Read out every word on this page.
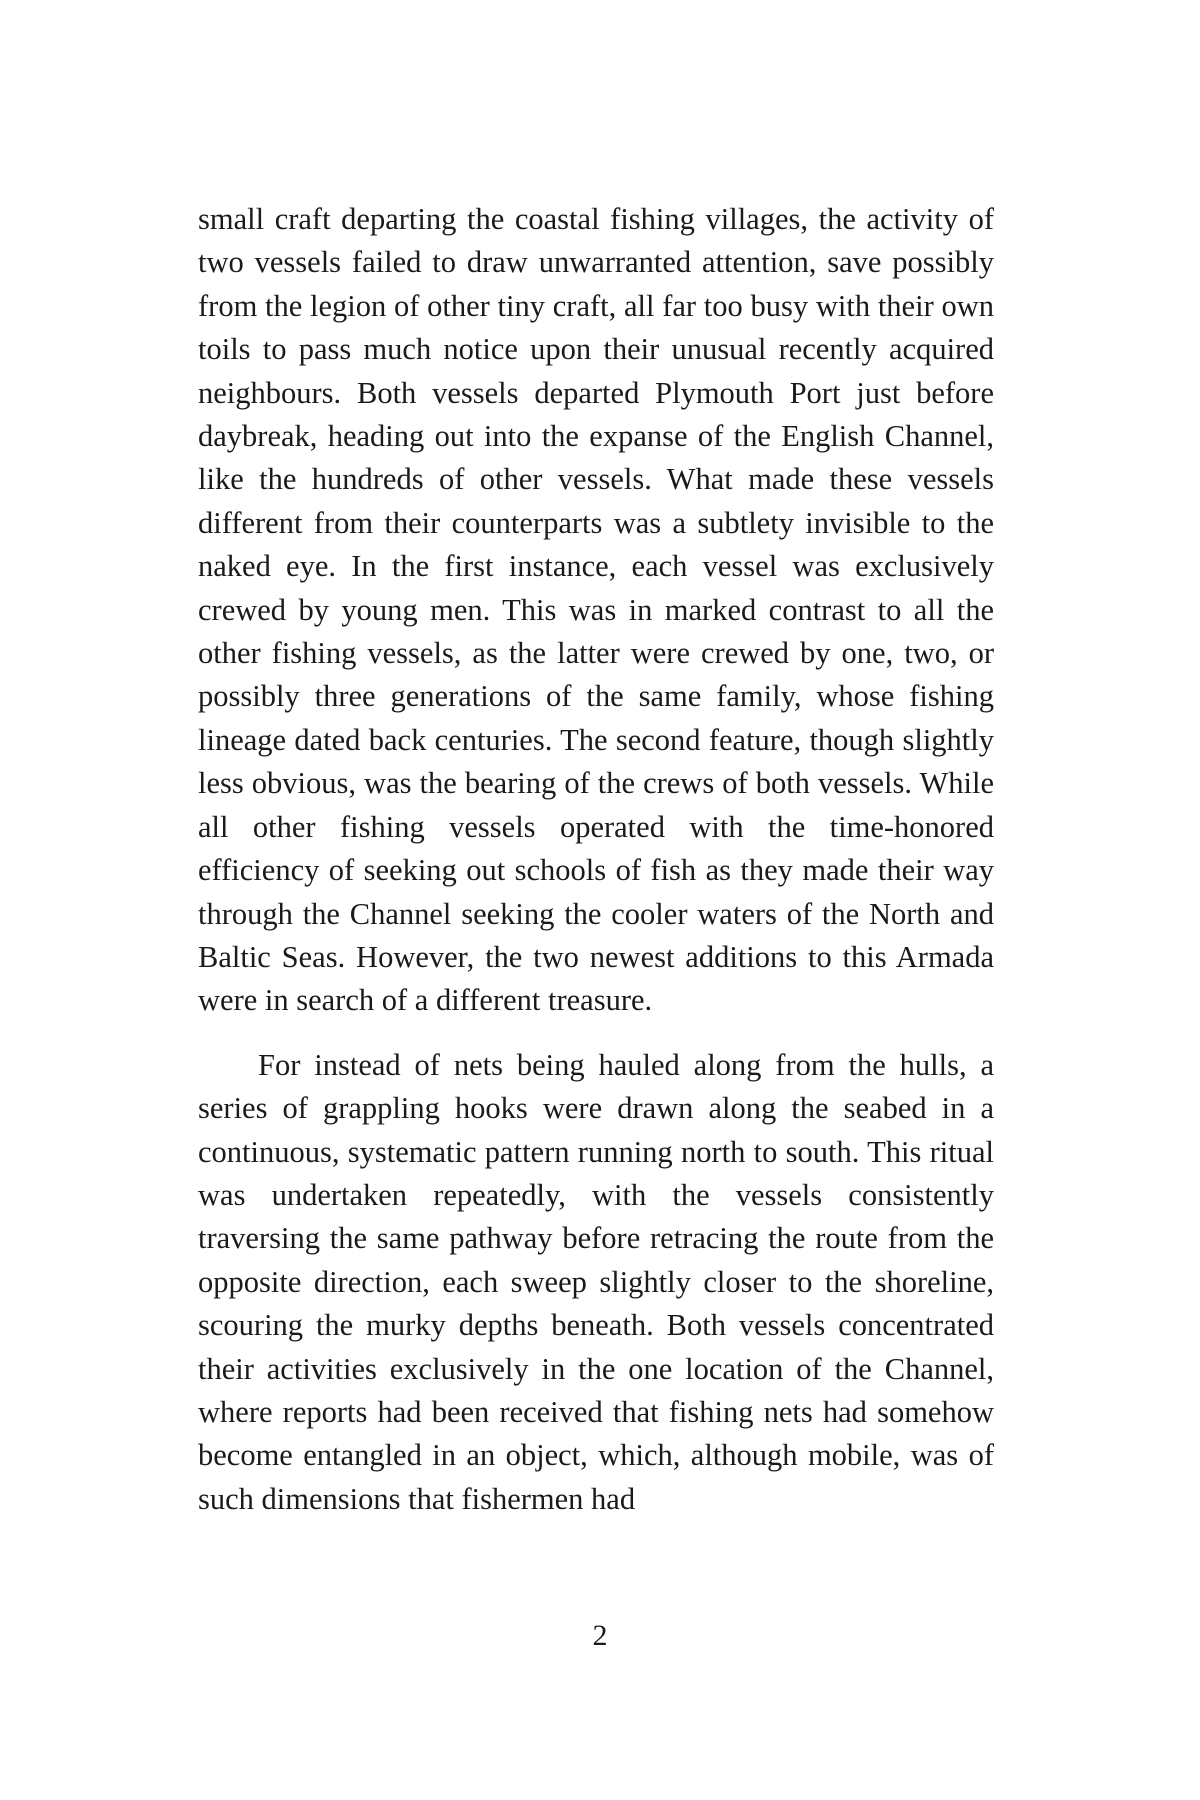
small craft departing the coastal fishing villages, the activity of two vessels failed to draw unwarranted attention, save possibly from the legion of other tiny craft, all far too busy with their own toils to pass much notice upon their unusual recently acquired neighbours. Both vessels departed Plymouth Port just before daybreak, heading out into the expanse of the English Channel, like the hundreds of other vessels. What made these vessels different from their counterparts was a subtlety invisible to the naked eye. In the first instance, each vessel was exclusively crewed by young men. This was in marked contrast to all the other fishing vessels, as the latter were crewed by one, two, or possibly three generations of the same family, whose fishing lineage dated back centuries. The second feature, though slightly less obvious, was the bearing of the crews of both vessels. While all other fishing vessels operated with the time-honored efficiency of seeking out schools of fish as they made their way through the Channel seeking the cooler waters of the North and Baltic Seas. However, the two newest additions to this Armada were in search of a different treasure.

For instead of nets being hauled along from the hulls, a series of grappling hooks were drawn along the seabed in a continuous, systematic pattern running north to south. This ritual was undertaken repeatedly, with the vessels consistently traversing the same pathway before retracing the route from the opposite direction, each sweep slightly closer to the shoreline, scouring the murky depths beneath. Both vessels concentrated their activities exclusively in the one location of the Channel, where reports had been received that fishing nets had somehow become entangled in an object, which, although mobile, was of such dimensions that fishermen had

2
